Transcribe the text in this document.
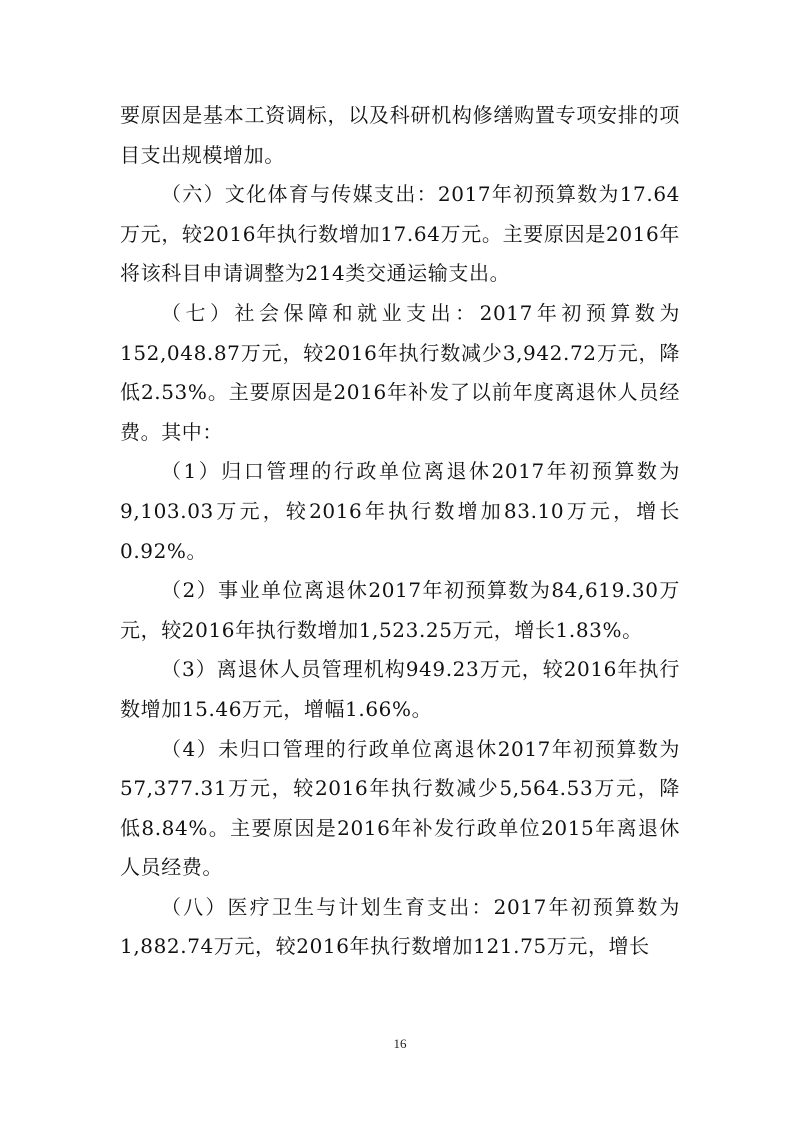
要原因是基本工资调标，以及科研机构修缮购置专项安排的项目支出规模增加。

（六）文化体育与传媒支出：2017年初预算数为17.64万元，较2016年执行数增加17.64万元。主要原因是2016年将该科目申请调整为214类交通运输支出。

（七）社会保障和就业支出：2017年初预算数为152,048.87万元，较2016年执行数减少3,942.72万元，降低2.53%。主要原因是2016年补发了以前年度离退休人员经费。其中：

（1）归口管理的行政单位离退休2017年初预算数为9,103.03万元，较2016年执行数增加83.10万元，增长0.92%。

（2）事业单位离退休2017年初预算数为84,619.30万元，较2016年执行数增加1,523.25万元，增长1.83%。

（3）离退休人员管理机构949.23万元，较2016年执行数增加15.46万元，增幅1.66%。

（4）未归口管理的行政单位离退休2017年初预算数为57,377.31万元，较2016年执行数减少5,564.53万元，降低8.84%。主要原因是2016年补发行政单位2015年离退休人员经费。

（八）医疗卫生与计划生育支出：2017年初预算数为1,882.74万元，较2016年执行数增加121.75万元，增长

16
